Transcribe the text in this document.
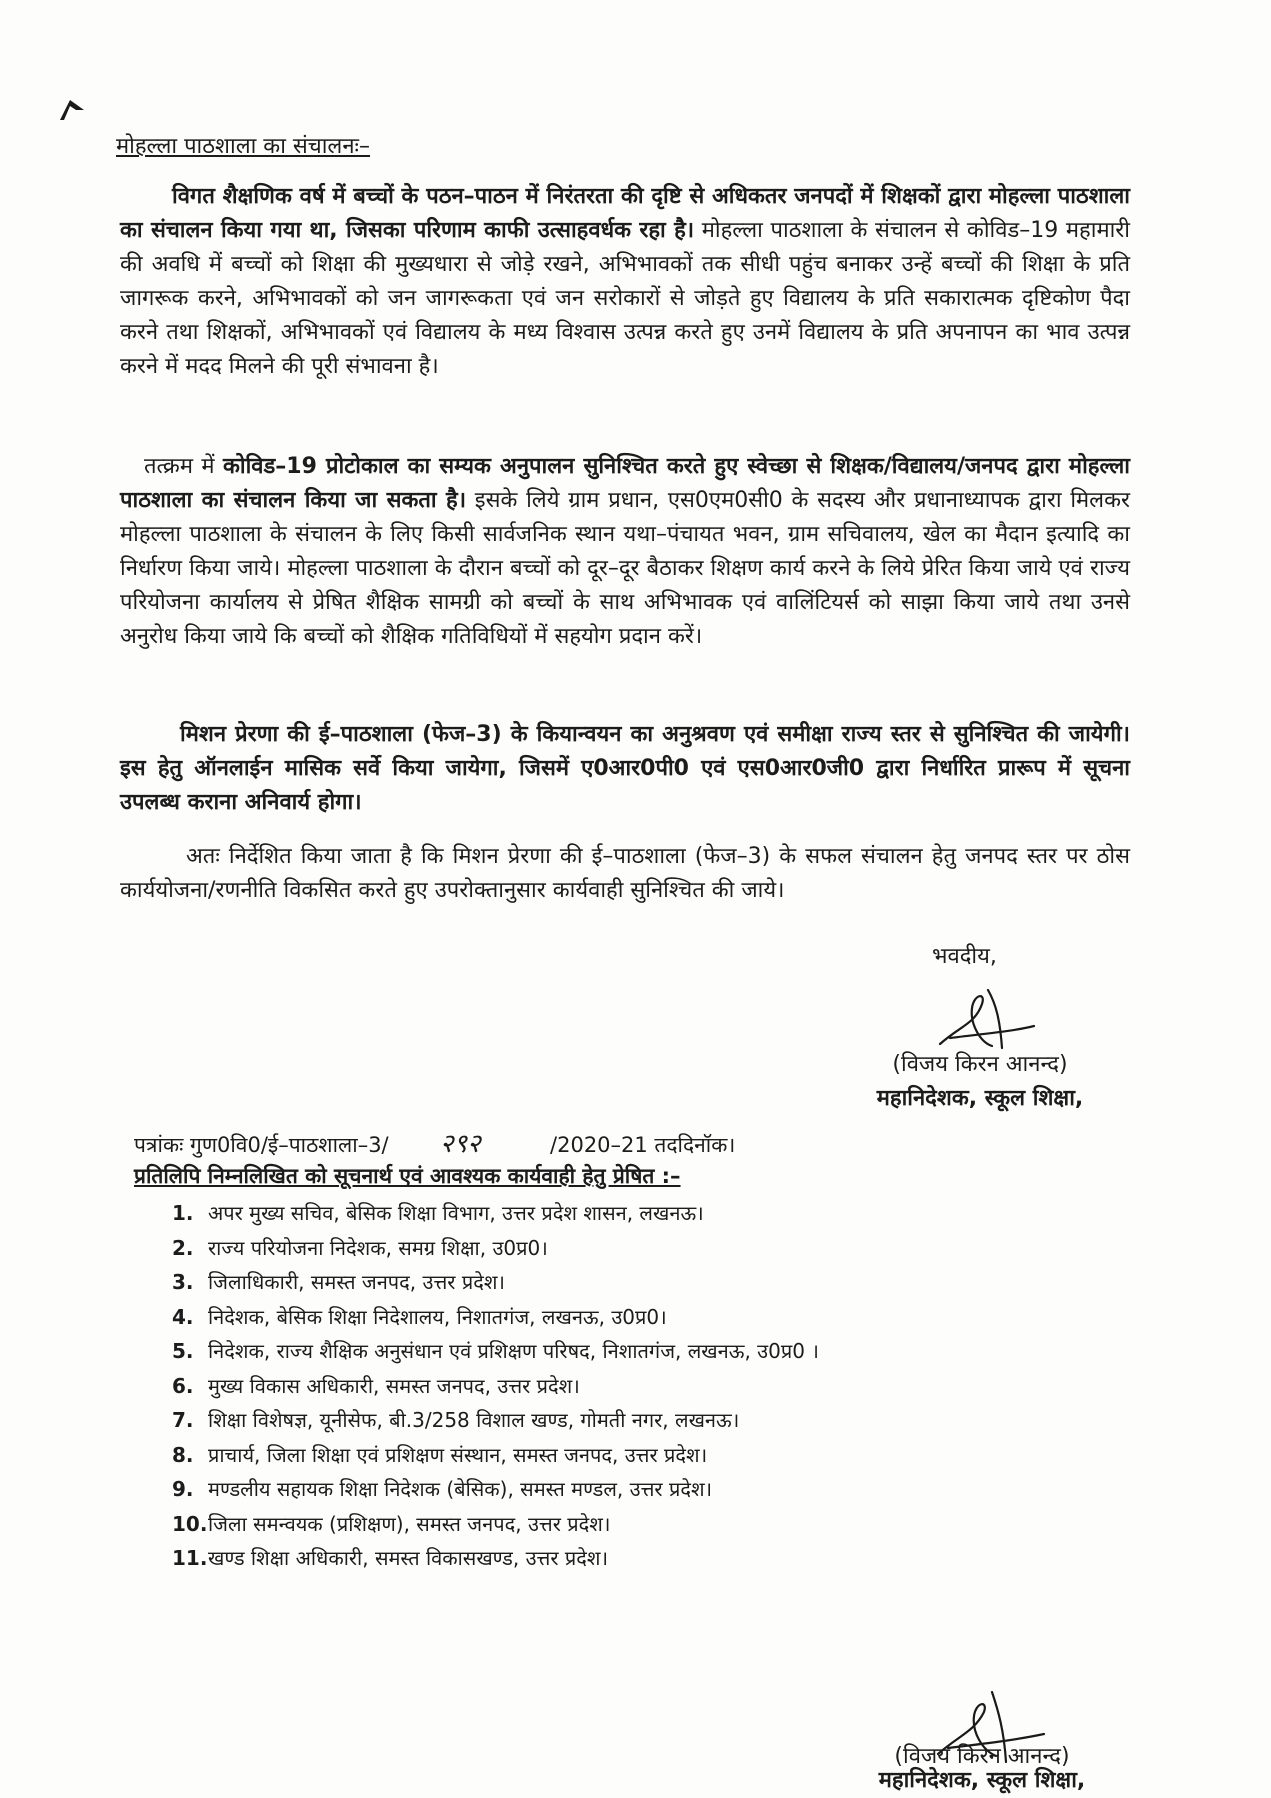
मोहल्ला पाठशाला का संचालनः–
विगत शैक्षणिक वर्ष में बच्चों के पठन–पाठन में निरंतरता की दृष्टि से अधिकतर जनपदों में शिक्षकों द्वारा मोहल्ला पाठशाला का संचालन किया गया था, जिसका परिणाम काफी उत्साहवर्धक रहा है। मोहल्ला पाठशाला के संचालन से कोविड–19 महामारी की अवधि में बच्चों को शिक्षा की मुख्यधारा से जोड़े रखने, अभिभावकों तक सीधी पहुंच बनाकर उन्हें बच्चों की शिक्षा के प्रति जागरूक करने, अभिभावकों को जन जागरूकता एवं जन सरोकारों से जोड़ते हुए विद्यालय के प्रति सकारात्मक दृष्टिकोण पैदा करने तथा शिक्षकों, अभिभावकों एवं विद्यालय के मध्य विश्वास उत्पन्न करते हुए उनमें विद्यालय के प्रति अपनापन का भाव उत्पन्न करने में मदद मिलने की पूरी संभावना है।
तत्क्रम में कोविड–19 प्रोटोकाल का सम्यक अनुपालन सुनिश्चित करते हुए स्वेच्छा से शिक्षक/विद्यालय/जनपद द्वारा मोहल्ला पाठशाला का संचालन किया जा सकता है। इसके लिये ग्राम प्रधान, एस0एम0सी0 के सदस्य और प्रधानाध्यापक द्वारा मिलकर मोहल्ला पाठशाला के संचालन के लिए किसी सार्वजनिक स्थान यथा–पंचायत भवन, ग्राम सचिवालय, खेल का मैदान इत्यादि का निर्धारण किया जाये। मोहल्ला पाठशाला के दौरान बच्चों को दूर–दूर बैठाकर शिक्षण कार्य करने के लिये प्रेरित किया जाये एवं राज्य परियोजना कार्यालय से प्रेषित शैक्षिक सामग्री को बच्चों के साथ अभिभावक एवं वालिंटियर्स को साझा किया जाये तथा उनसे अनुरोध किया जाये कि बच्चों को शैक्षिक गतिविधियों में सहयोग प्रदान करें।
मिशन प्रेरणा की ई–पाठशाला (फेज–3) के कियान्वयन का अनुश्रवण एवं समीक्षा राज्य स्तर से सुनिश्चित की जायेगी। इस हेतु ऑनलाईन मासिक सर्वे किया जायेगा, जिसमें ए0आर0पी0 एवं एस0आर0जी0 द्वारा निर्धारित प्रारूप में सूचना उपलब्ध कराना अनिवार्य होगा।
अतः निर्देशित किया जाता है कि मिशन प्रेरणा की ई–पाठशाला (फेज–3) के सफल संचालन हेतु जनपद स्तर पर ठोस कार्ययोजना/रणनीति विकसित करते हुए उपरोक्तानुसार कार्यवाही सुनिश्चित की जाये।
भवदीय,
(विजय किरन आनन्द)
महानिदेशक, स्कूल शिक्षा,
पत्रांकः गुण0वि0/ई–पाठशाला–3/ २९२	/2020–21 तददिनॉक।
प्रतिलिपि निम्नलिखित को सूचनार्थ एवं आवश्यक कार्यवाही हेतु प्रेषित :–
1. अपर मुख्य सचिव, बेसिक शिक्षा विभाग, उत्तर प्रदेश शासन, लखनऊ।
2. राज्य परियोजना निदेशक, समग्र शिक्षा, उ0प्र0।
3. जिलाधिकारी, समस्त जनपद, उत्तर प्रदेश।
4. निदेशक, बेसिक शिक्षा निदेशालय, निशातगंज, लखनऊ, उ0प्र0।
5. निदेशक, राज्य शैक्षिक अनुसंधान एवं प्रशिक्षण परिषद, निशातगंज, लखनऊ, उ0प्र0 ।
6. मुख्य विकास अधिकारी, समस्त जनपद, उत्तर प्रदेश।
7. शिक्षा विशेषज्ञ, यूनीसेफ, बी.3/258 विशाल खण्ड, गोमती नगर, लखनऊ।
8. प्राचार्य, जिला शिक्षा एवं प्रशिक्षण संस्थान, समस्त जनपद, उत्तर प्रदेश।
9. मण्डलीय सहायक शिक्षा निदेशक (बेसिक), समस्त मण्डल, उत्तर प्रदेश।
10.जिला समन्वयक (प्रशिक्षण), समस्त जनपद, उत्तर प्रदेश।
11.खण्ड शिक्षा अधिकारी, समस्त विकासखण्ड, उत्तर प्रदेश।
(विजय किरन आनन्द)
महानिदेशक, स्कूल शिक्षा,
